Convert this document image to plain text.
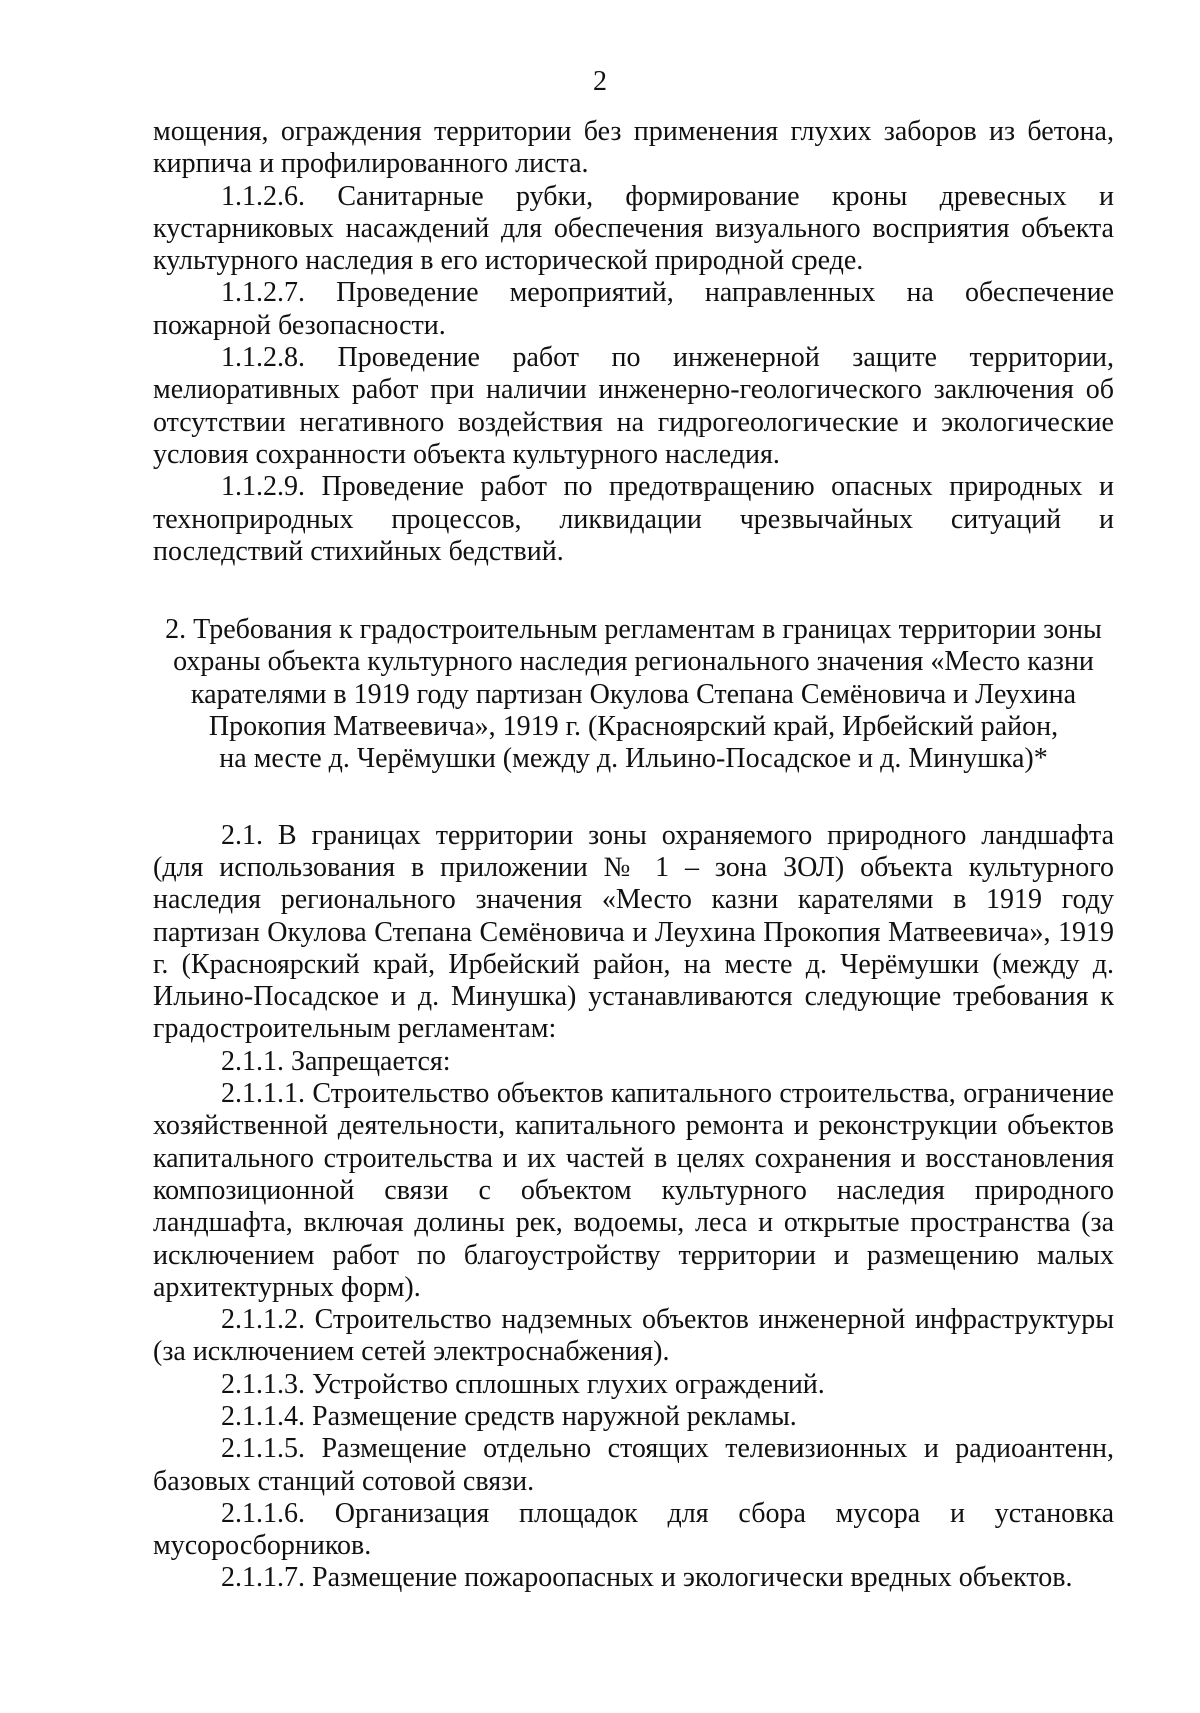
2

мощения, ограждения территории без применения глухих заборов из бетона, кирпича и профилированного листа.

1.1.2.6. Санитарные рубки, формирование кроны древесных и кустарниковых насаждений для обеспечения визуального восприятия объекта культурного наследия в его исторической природной среде.

1.1.2.7. Проведение мероприятий, направленных на обеспечение пожарной безопасности.

1.1.2.8. Проведение работ по инженерной защите территории, мелиоративных работ при наличии инженерно-геологического заключения об отсутствии негативного воздействия на гидрогеологические и экологические условия сохранности объекта культурного наследия.

1.1.2.9. Проведение работ по предотвращению опасных природных и технoприродных процессов, ликвидации чрезвычайных ситуаций и последствий стихийных бедствий.

2. Требования к градостроительным регламентам в границах территории зоны
охраны объекта культурного наследия регионального значения «Место казни
карателями в 1919 году партизан Окулова Степана Семёновича и Леухина
Прокопия Матвеевича», 1919 г. (Красноярский край, Ирбейский район,
на месте д. Черёмушки (между д. Ильино-Посадское и д. Минушка)*

2.1. В границах территории зоны охраняемого природного ландшафта (для использования в приложении № 1 – зона ЗОЛ) объекта культурного наследия регионального значения «Место казни карателями в 1919 году партизан Окулова Степана Семёновича и Леухина Прокопия Матвеевича», 1919 г. (Красноярский край, Ирбейский район, на месте д. Черёмушки (между д. Ильино-Посадское и д. Минушка) устанавливаются следующие требования к градостроительным регламентам:

2.1.1. Запрещается:

2.1.1.1. Строительство объектов капитального строительства, ограничение хозяйственной деятельности, капитального ремонта и реконструкции объектов капитального строительства и их частей в целях сохранения и восстановления композиционной связи с объектом культурного наследия природного ландшафта, включая долины рек, водоемы, леса и открытые пространства (за исключением работ по благоустройству территории и размещению малых архитектурных форм).

2.1.1.2. Строительство надземных объектов инженерной инфраструктуры (за исключением сетей электроснабжения).

2.1.1.3. Устройство сплошных глухих ограждений.

2.1.1.4. Размещение средств наружной рекламы.

2.1.1.5. Размещение отдельно стоящих телевизионных и радиоантенн, базовых станций сотовой связи.

2.1.1.6. Организация площадок для сбора мусора и установка мусоросборников.

2.1.1.7. Размещение пожароопасных и экологически вредных объектов.
